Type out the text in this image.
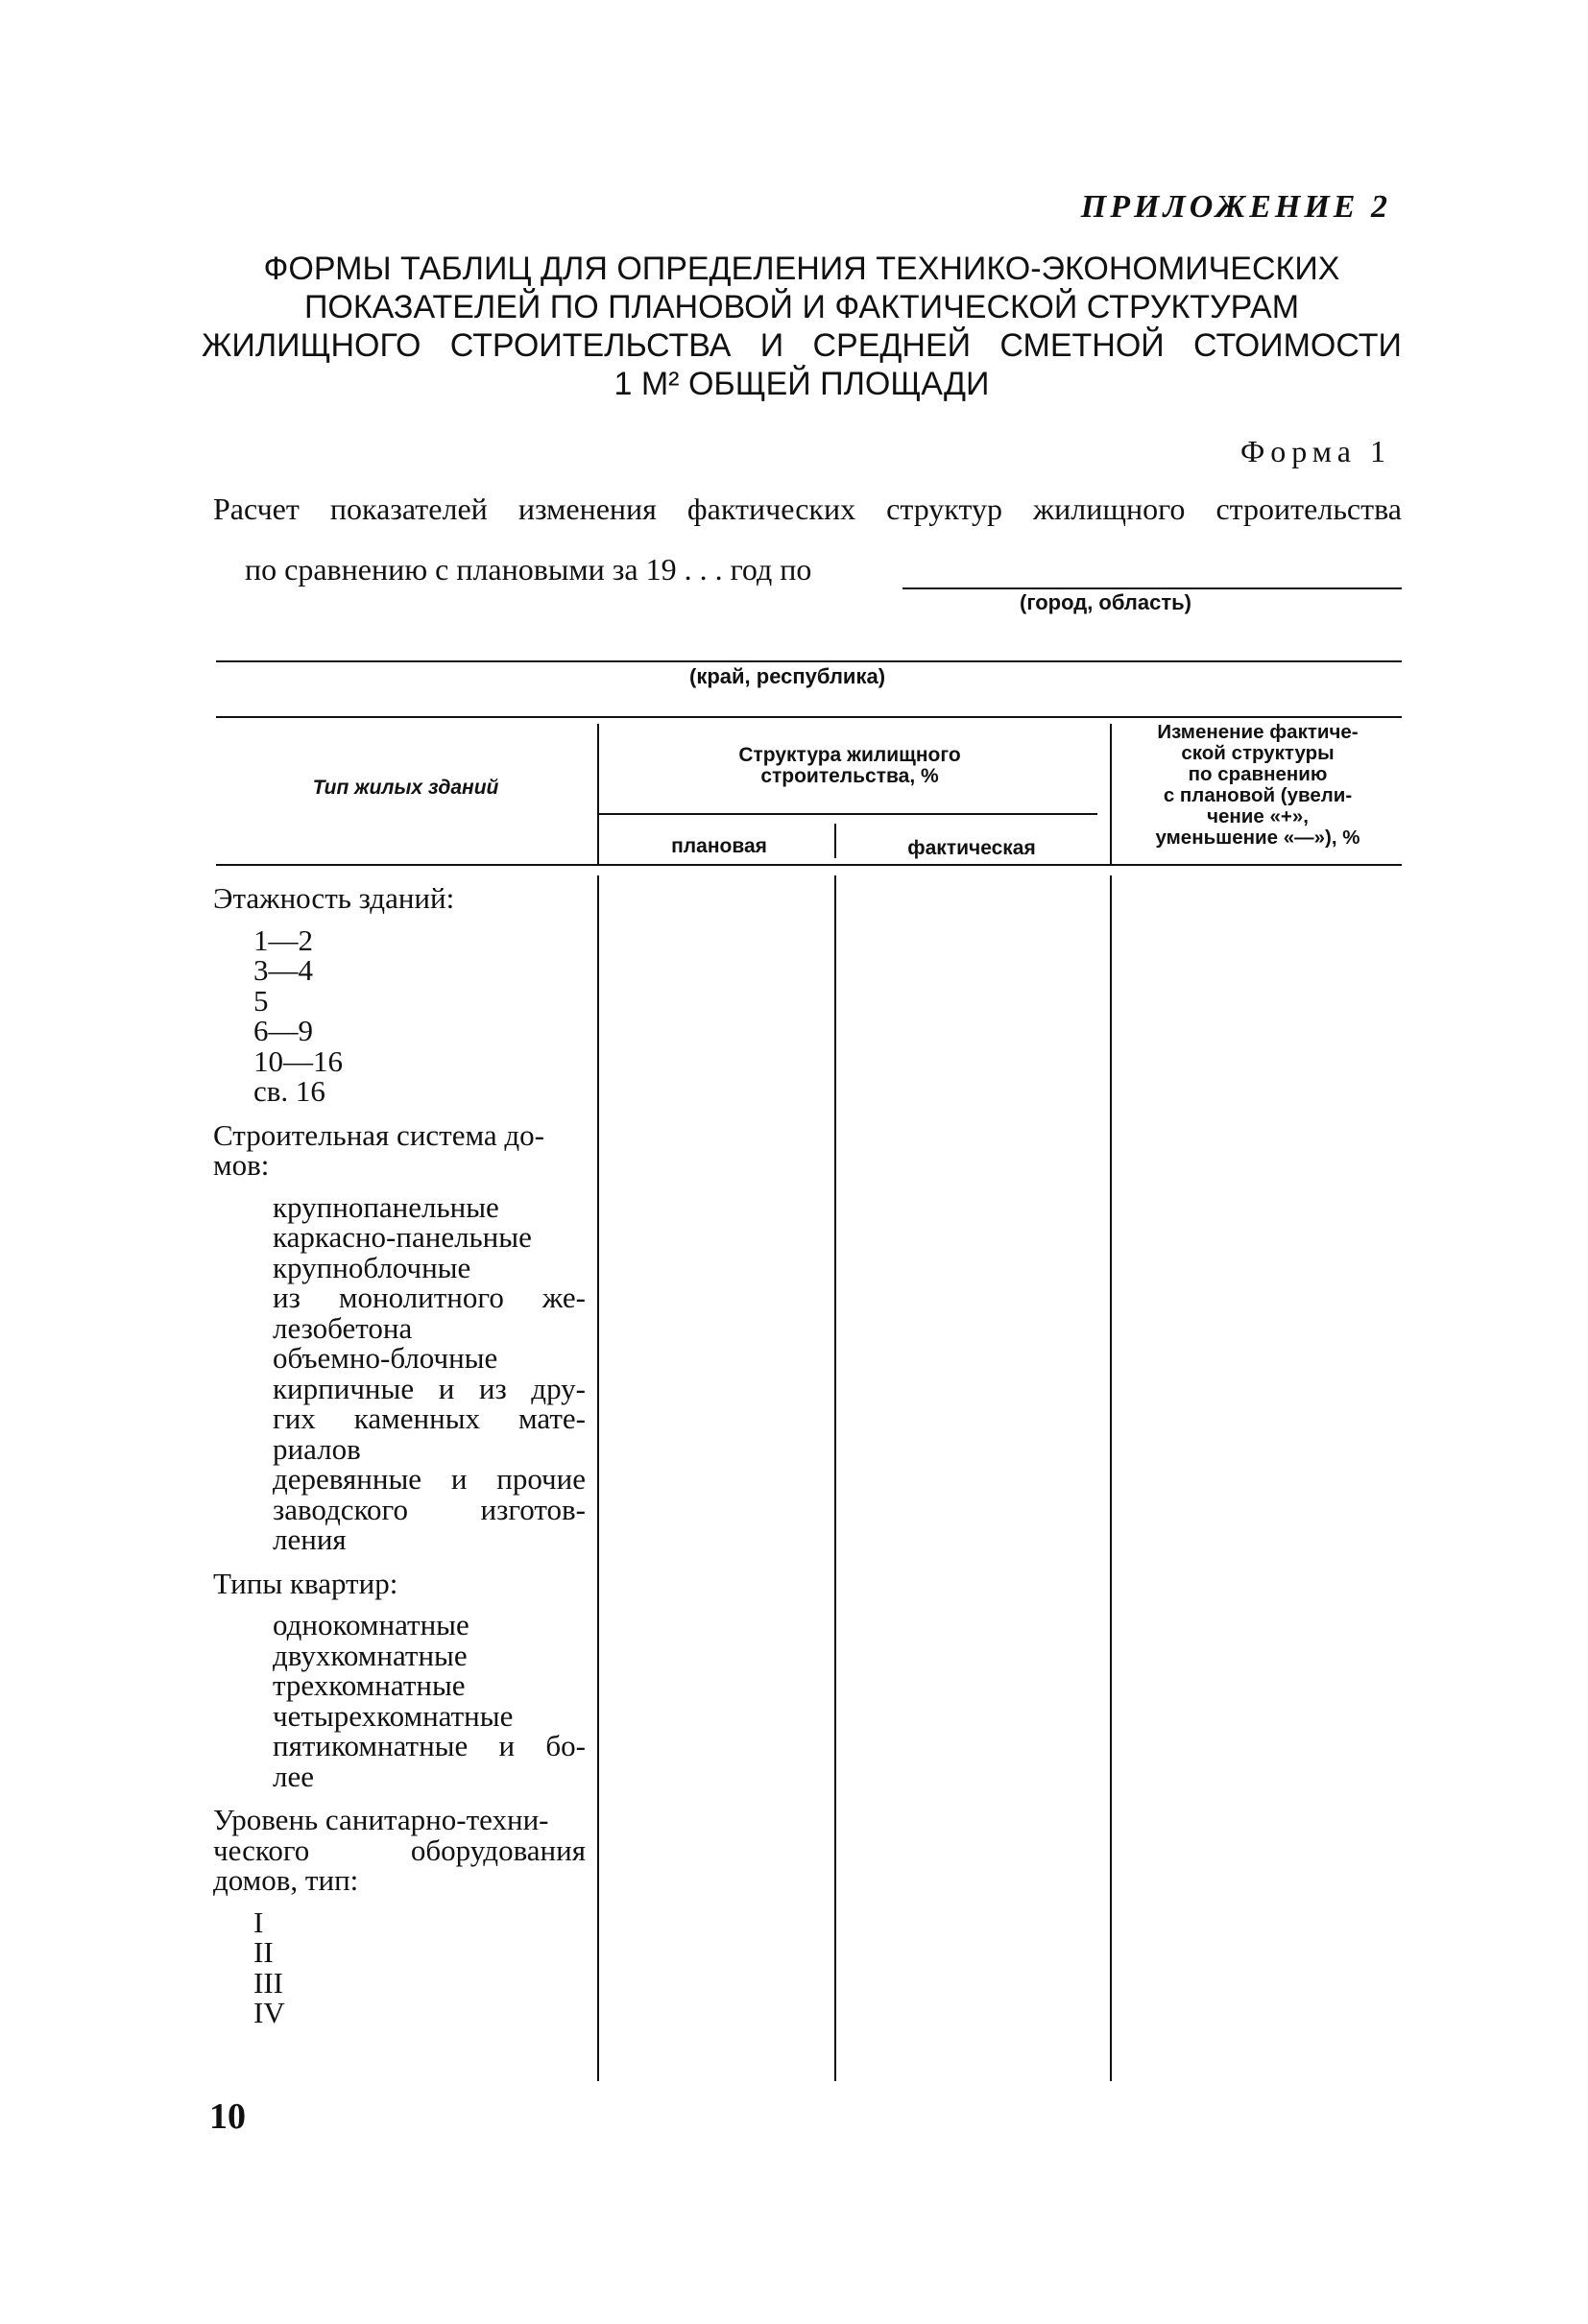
ПРИЛОЖЕНИЕ 2
ФОРМЫ ТАБЛИЦ ДЛЯ ОПРЕДЕЛЕНИЯ ТЕХНИКО-ЭКОНОМИЧЕСКИХ
ПОКАЗАТЕЛЕЙ ПО ПЛАНОВОЙ И ФАКТИЧЕСКОЙ СТРУКТУРАМ
ЖИЛИЩНОГО СТРОИТЕЛЬСТВА И СРЕДНЕЙ СМЕТНОЙ СТОИМОСТИ
1 М² ОБЩЕЙ ПЛОЩАДИ
Форма 1
Расчет показателей изменения фактических структур жилищного строительства
по сравнению с плановыми за 19 . . . год по
(город, область)
(край, республика)
Тип жилых зданий
Структура жилищного
строительства, %
плановая	фактическая
Изменение фактиче-
ской структуры
по сравнению
с плановой (увели-
чение «+»,
уменьшение «—»), %
Этажность зданий:
1—2
3—4
5
6—9
10—16
св. 16
Строительная система до-
мов:
крупнопанельные
каркасно-панельные
крупноблочные
из монолитного же-
лезобетона
объемно-блочные
кирпичные и из дру-
гих каменных мате-
риалов
деревянные и прочие
заводского изготов-
ления
Типы квартир:
однокомнатные
двухкомнатные
трехкомнатные
четырехкомнатные
пятикомнатные и бо-
лее
Уровень санитарно-техни-
ческого оборудования
домов, тип:
I
II
III
IV
10
